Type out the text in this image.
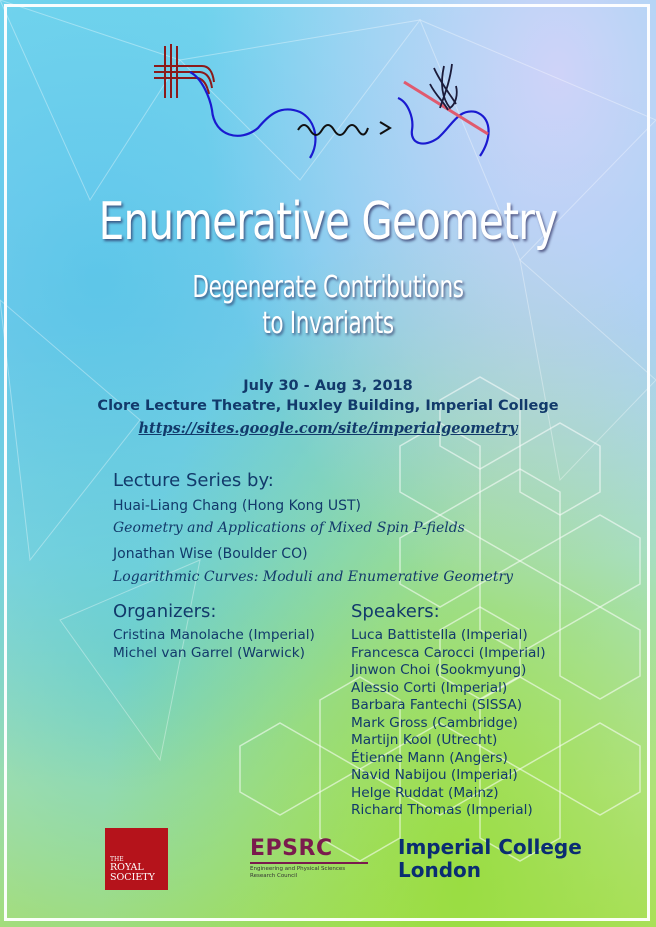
Enumerative Geometry
Degenerate Contributions
to Invariants
July 30 - Aug 3, 2018
Clore Lecture Theatre, Huxley Building, Imperial College
https://sites.google.com/site/imperialgeometry
Lecture Series by:
Huai-Liang Chang (Hong Kong UST)
Geometry and Applications of Mixed Spin P-fields
Jonathan Wise (Boulder CO)
Logarithmic Curves: Moduli and Enumerative Geometry
Organizers:
Cristina Manolache (Imperial)
Michel van Garrel (Warwick)
Speakers:
Luca Battistella (Imperial)
Francesca Carocci (Imperial)
Jinwon Choi (Sookmyung)
Alessio Corti (Imperial)
Barbara Fantechi (SISSA)
Mark Gross (Cambridge)
Martijn Kool (Utrecht)
Étienne Mann (Angers)
Navid Nabijou (Imperial)
Helge Ruddat (Mainz)
Richard Thomas (Imperial)
THE
ROYAL
SOCIETY
EPSRC
Engineering and Physical Sciences
Research Council
Imperial College
London
